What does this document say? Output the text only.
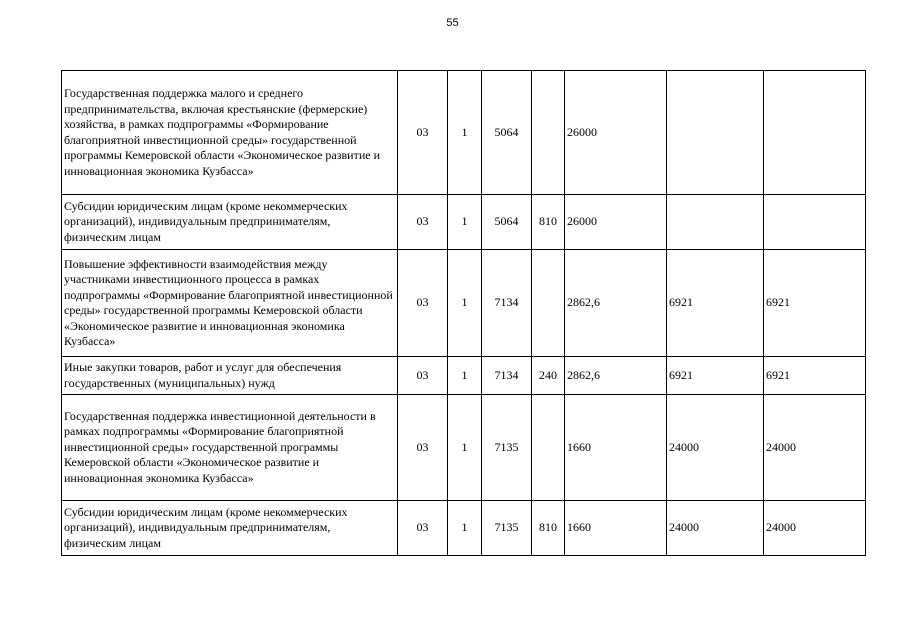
55
Государственная поддержка малого и среднего предпринимательства, включая крестьянские (фермерские) хозяйства, в рамках подпрограммы «Формирование благоприятной инвестиционной среды» государственной программы Кемеровской области «Экономическое развитие и инновационная экономика Кузбасса»	03	1	5064		26000		
Субсидии юридическим лицам (кроме некоммерческих организаций), индивидуальным предпринимателям, физическим лицам	03	1	5064	810	26000		
Повышение эффективности взаимодействия между участниками инвестиционного процесса в рамках подпрограммы «Формирование благоприятной инвестиционной среды» государственной программы Кемеровской области «Экономическое развитие и инновационная экономика Кузбасса»	03	1	7134		2862,6	6921	6921
Иные закупки товаров, работ и услуг для обеспечения государственных (муниципальных) нужд	03	1	7134	240	2862,6	6921	6921
Государственная поддержка инвестиционной деятельности в рамках подпрограммы «Формирование благоприятной инвестиционной среды» государственной программы Кемеровской области «Экономическое развитие и инновационная экономика Кузбасса»	03	1	7135		1660	24000	24000
Субсидии юридическим лицам (кроме некоммерческих организаций), индивидуальным предпринимателям, физическим лицам	03	1	7135	810	1660	24000	24000
